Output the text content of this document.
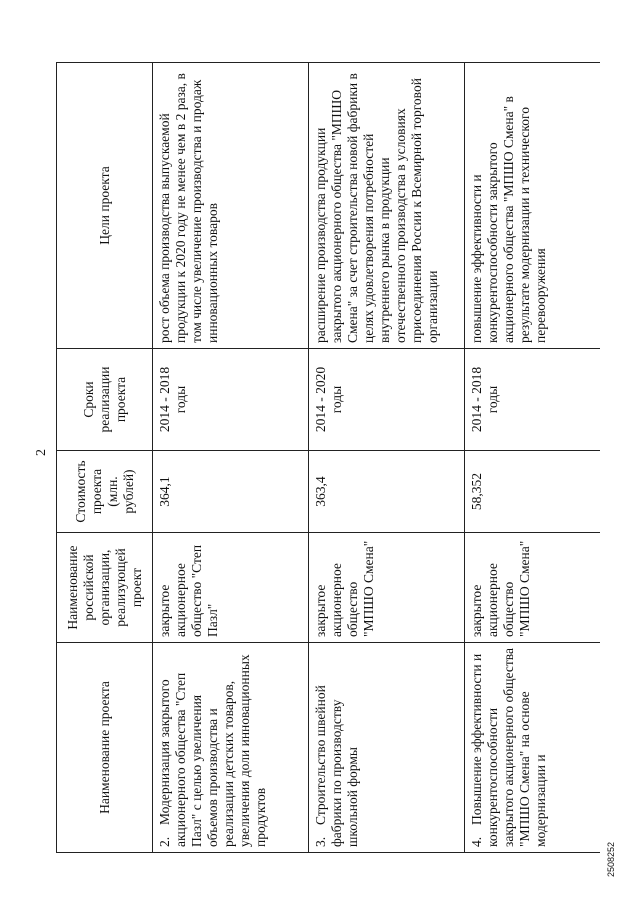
2
Наименование проекта	Наименование российской организации, реализующей проект	Стоимость проекта (млн. рублей)	Сроки реализации проекта	Цели проекта
2.Модернизация закрытого акционерного общества "Степ Пазл" с целью увеличения объемов производства и реализации детских товаров, увеличения доли инновационных продуктов	закрытое акционерное общество "Степ Пазл"	364,1	2014 - 2018 годы	рост объема производства выпускаемой продукции к 2020 году не менее чем в 2 раза, в том числе увеличение производства и продаж инновационных товаров
3.Строительство швейной фабрики по производству школьной формы	закрытое акционерное общество "МПШО Смена"	363,4	2014 - 2020 годы	расширение производства продукции закрытого акционерного общества "МПШО Смена" за счет строительства новой фабрики в целях удовлетворения потребностей внутреннего рынка в продукции отечественного производства в условиях присоединения России к Всемирной торговой организации
4.Повышение эффективности и конкурентоспособности закрытого акционерного общества "МПШО Смена" на основе модернизации и	закрытое акционерное общество "МПШО Смена"	58,352	2014 - 2018 годы	повышение эффективности и конкурентоспособности закрытого акционерного общества "МПШО Смена" в результате модернизации и технического перевооружения
2508252
